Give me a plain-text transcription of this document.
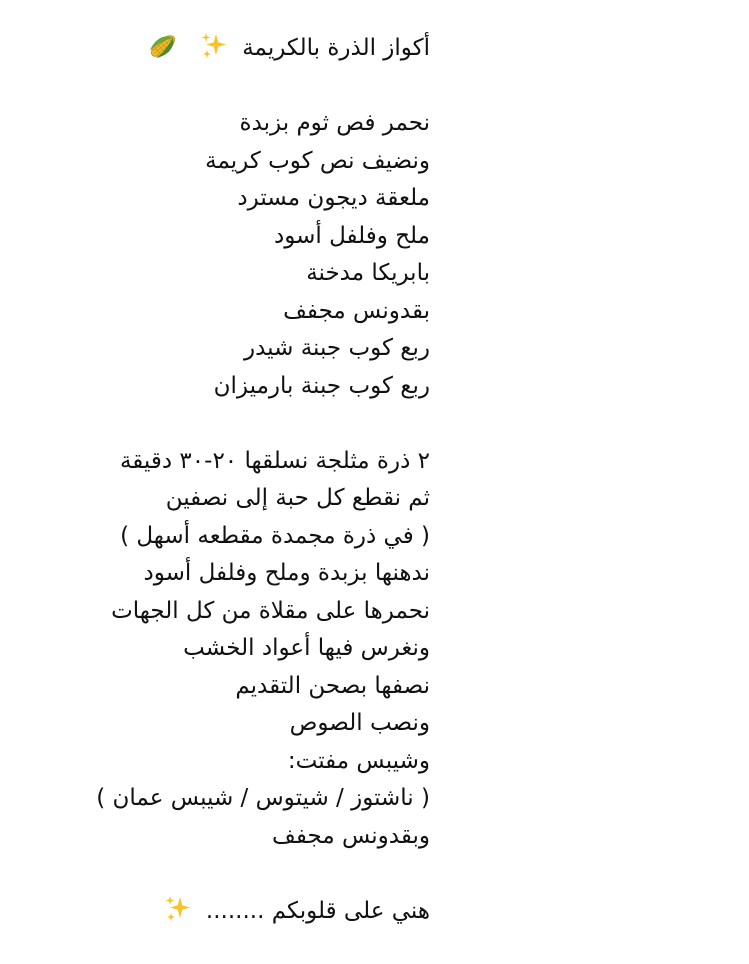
أكواز الذرة بالكريمة
نحمر فص ثوم بزبدة
ونضيف نص كوب كريمة
ملعقة ديجون مسترد
ملح وفلفل أسود
بابريكا مدخنة
بقدونس مجفف
ربع كوب جبنة شيدر
ربع كوب جبنة بارميزان
٢ ذرة مثلجة نسلقها ٢٠-٣٠ دقيقة
ثم نقطع كل حبة إلى نصفين
( في ذرة مجمدة مقطعه أسهل )
ندهنها بزبدة وملح وفلفل أسود
نحمرها على مقلاة من كل الجهات
ونغرس فيها أعواد الخشب
نصفها بصحن التقديم
ونصب الصوص
وشيبس مفتت:
( ناشتوز / شيتوس / شيبس عمان )
وبقدونس مجفف
هني على قلوبكم ........
